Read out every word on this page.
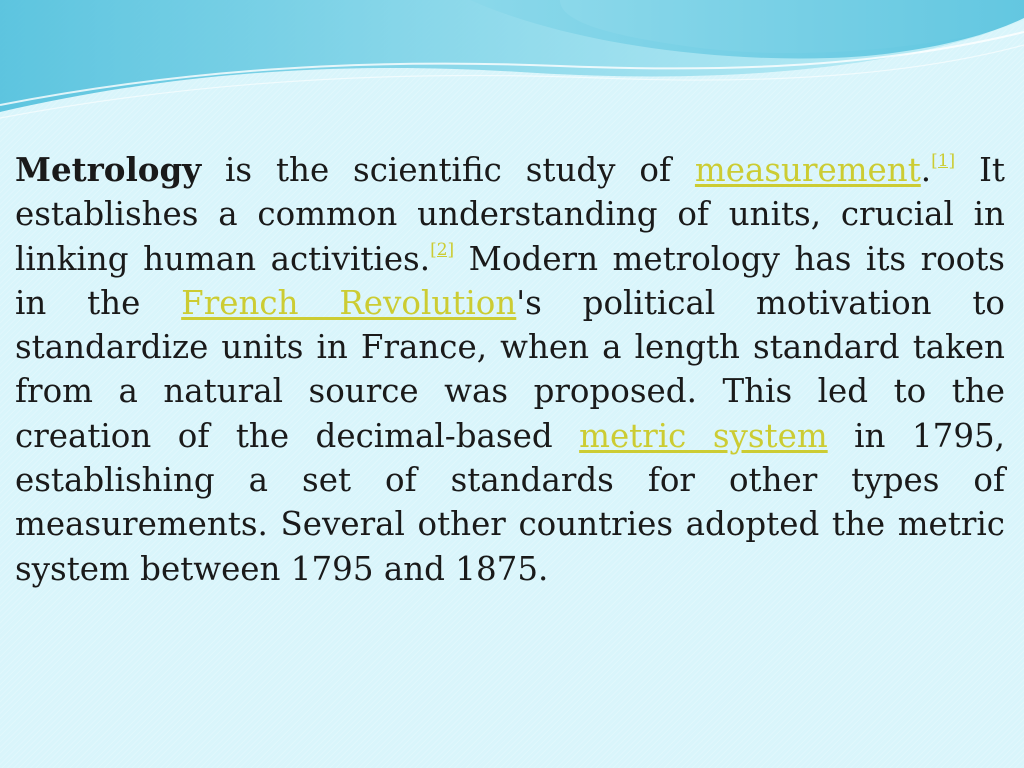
Metrology is the scientific study of measurement.[1] It establishes a common understanding of units, crucial in linking human activities.[2] Modern metrology has its roots in the French Revolution's political motivation to standardize units in France, when a length standard taken from a natural source was proposed. This led to the creation of the decimal-based metric system in 1795, establishing a set of standards for other types of measurements. Several other countries adopted the metric system between 1795 and 1875.
